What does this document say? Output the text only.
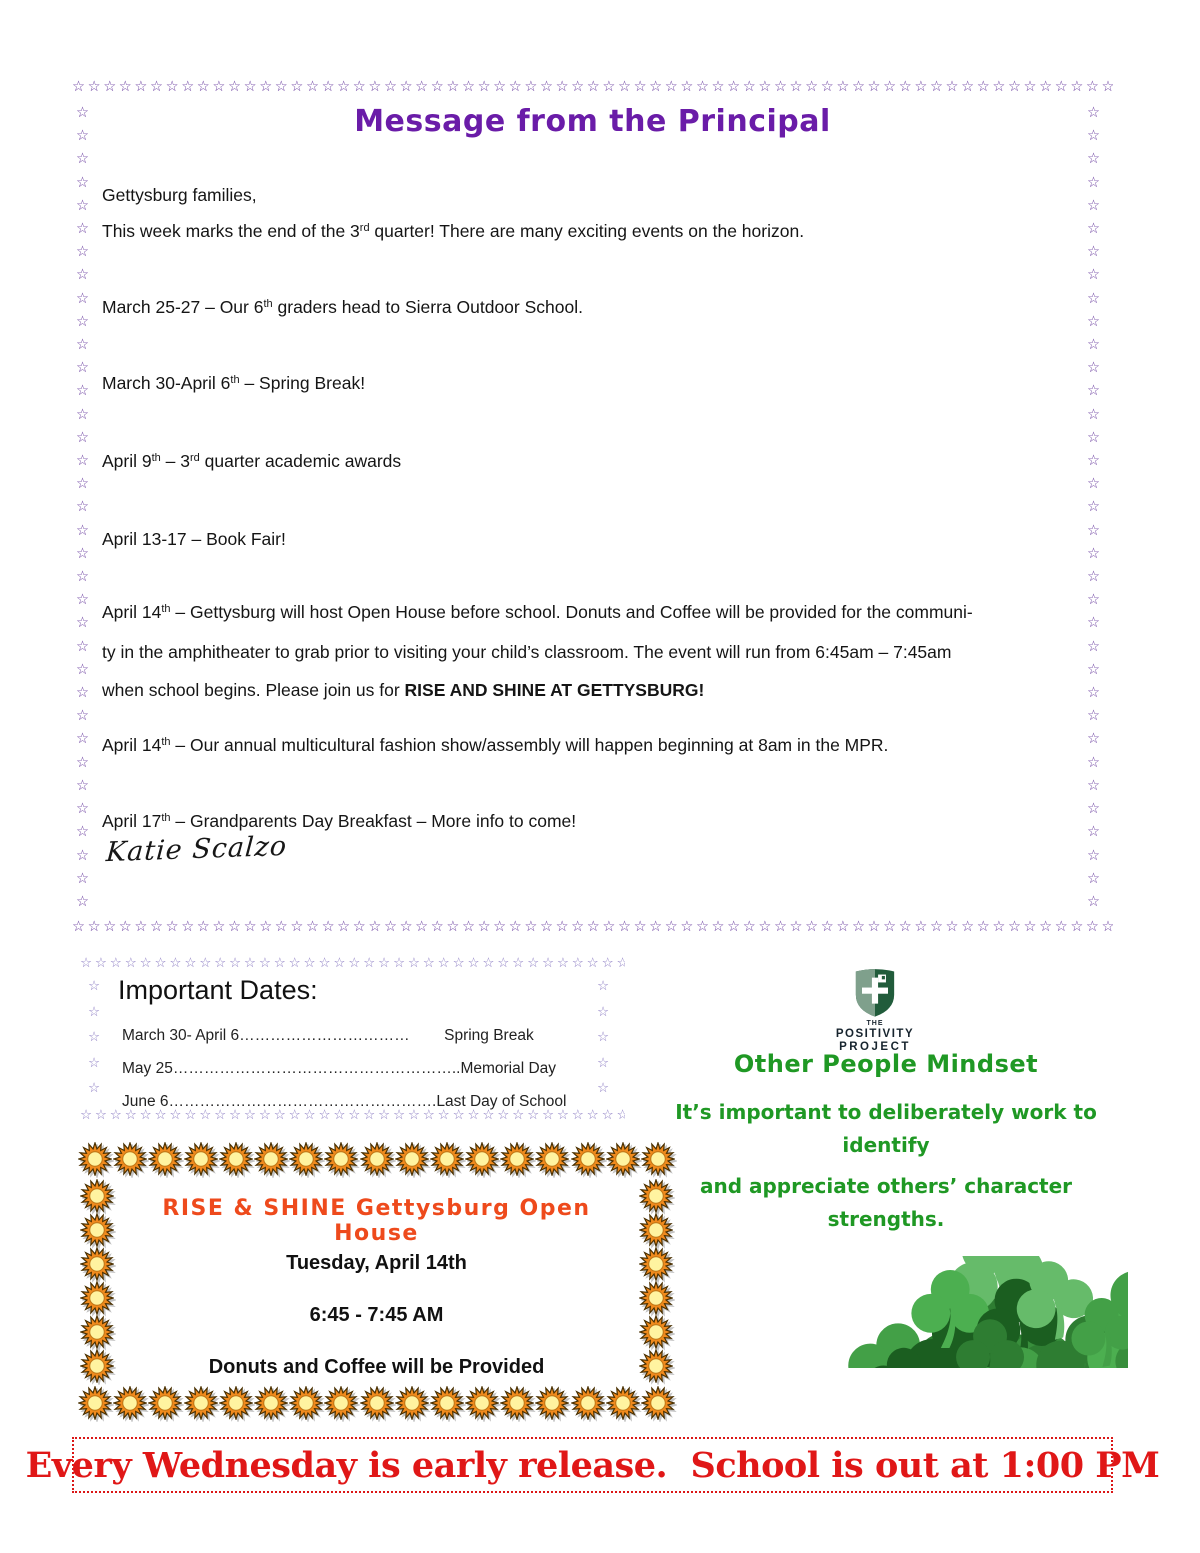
☆☆☆☆☆☆☆☆☆☆☆☆☆☆☆☆☆☆☆☆☆☆☆☆☆☆☆☆☆☆☆☆☆☆☆☆☆☆☆☆☆☆☆☆☆☆☆☆☆☆☆☆☆☆☆☆☆☆☆☆☆☆☆☆☆☆☆☆☆☆☆☆
☆☆☆☆☆☆☆☆☆☆☆☆☆☆☆☆☆☆☆☆☆☆☆☆☆☆☆☆☆☆☆☆☆☆☆☆☆☆☆☆☆☆☆☆☆☆☆☆☆☆☆☆☆☆☆☆☆☆☆☆☆☆☆☆☆☆☆☆☆☆☆☆
☆☆☆☆☆☆☆☆☆☆☆☆☆☆☆☆☆☆☆☆☆☆☆☆☆☆☆☆☆☆☆☆☆☆☆☆☆☆☆☆☆☆☆☆☆☆☆☆☆☆☆☆☆☆☆☆☆☆☆☆☆☆☆☆☆☆☆☆☆☆☆☆
☆☆☆☆☆☆☆☆☆☆☆☆☆☆☆☆☆☆☆☆☆☆☆☆☆☆☆☆☆☆☆☆☆☆☆☆☆☆☆☆☆☆☆☆☆☆☆☆☆☆☆☆☆☆☆☆☆☆☆☆☆☆☆☆☆☆☆☆☆☆☆☆
Message from the Principal

Gettysburg families,

This week marks the end of the 3rd quarter! There are many exciting events on the horizon.

March 25-27 – Our 6th graders head to Sierra Outdoor School.

March 30-April 6th – Spring Break!

April 9th – 3rd quarter academic awards

April 13-17 – Book Fair!

April 14th – Gettysburg will host Open House before school. Donuts and Coffee will be provided for the communi-
ty in the amphitheater to grab prior to visiting your child’s classroom. The event will run from 6:45am – 7:45am
when school begins. Please join us for RISE AND SHINE AT GETTYSBURG!

April 14th – Our annual multicultural fashion show/assembly will happen beginning at 8am in the MPR.

April 17th – Grandparents Day Breakfast – More info to come!

Katie Scalzo
☆☆☆☆☆☆☆☆☆☆☆☆☆☆☆☆☆☆☆☆☆☆☆☆☆☆☆☆☆☆☆☆☆☆☆☆☆☆☆☆☆☆☆☆☆☆☆☆☆☆☆☆☆☆☆☆☆☆☆☆☆☆☆☆☆☆☆☆☆☆☆☆
☆☆☆☆☆☆☆☆☆☆☆☆☆☆☆☆☆☆☆☆☆☆☆☆☆☆☆☆☆☆☆☆☆☆☆☆☆☆☆☆☆☆☆☆☆☆☆☆☆☆☆☆☆☆☆☆☆☆☆☆☆☆☆☆☆☆☆☆☆☆☆☆
☆☆☆☆☆☆☆☆☆☆☆☆☆☆☆☆☆☆☆☆☆☆☆☆☆☆☆☆☆☆☆☆☆☆☆☆☆☆☆☆☆☆☆☆☆☆☆☆☆☆☆☆☆☆☆☆☆☆☆☆☆☆☆☆☆☆☆☆☆☆☆☆
☆☆☆☆☆☆☆☆☆☆☆☆☆☆☆☆☆☆☆☆☆☆☆☆☆☆☆☆☆☆☆☆☆☆☆☆☆☆☆☆☆☆☆☆☆☆☆☆☆☆☆☆☆☆☆☆☆☆☆☆☆☆☆☆☆☆☆☆☆☆☆☆
Important Dates:
March 30- April 6……………………………        Spring Break
May 25………………………………………………..Memorial Day
June 6…………………………………………….Last Day of School
THE
POSITIVITY
PROJECT
Other People Mindset
It’s important to deliberately work to identify
and appreciate others’ character strengths.
RISE & SHINE Gettysburg Open House
Tuesday, April 14th
6:45 - 7:45 AM
Donuts and Coffee will be Provided
Every Wednesday is early release.  School is out at 1:00 PM
